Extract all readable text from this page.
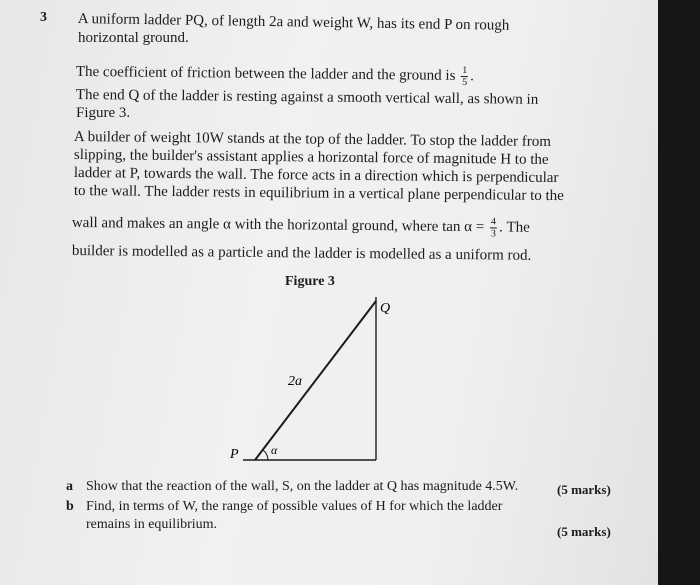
3 A uniform ladder PQ, of length 2a and weight W, has its end P on rough
horizontal ground.
The coefficient of friction between the ladder and the ground is $\frac{1}{5}$ .
The end Q of the ladder is resting against a smooth vertical wall, as shown in
Figure 3.
A builder of weight 10W stands at the top of the ladder. To stop the ladder from
slipping, the builder's assistant applies a horizontal force of magnitude H to the
ladder at P, towards the wall. The force acts in a direction which is perpendicular
to the wall. The ladder rests in equilibrium in a vertical plane perpendicular to the
wall and makes an angle α with the horizontal ground, where $\tan \alpha = \frac{4}{3}$ . The
builder is modelled as a particle and the ladder is modelled as a uniform rod.
Figure 3
Q
P
2a
α
a Show that the reaction of the wall, S, on the ladder at Q has magnitude 4.5W.	(5 marks)
b Find, in terms of W, the range of possible values of H for which the ladder
remains in equilibrium.	(5 marks)
